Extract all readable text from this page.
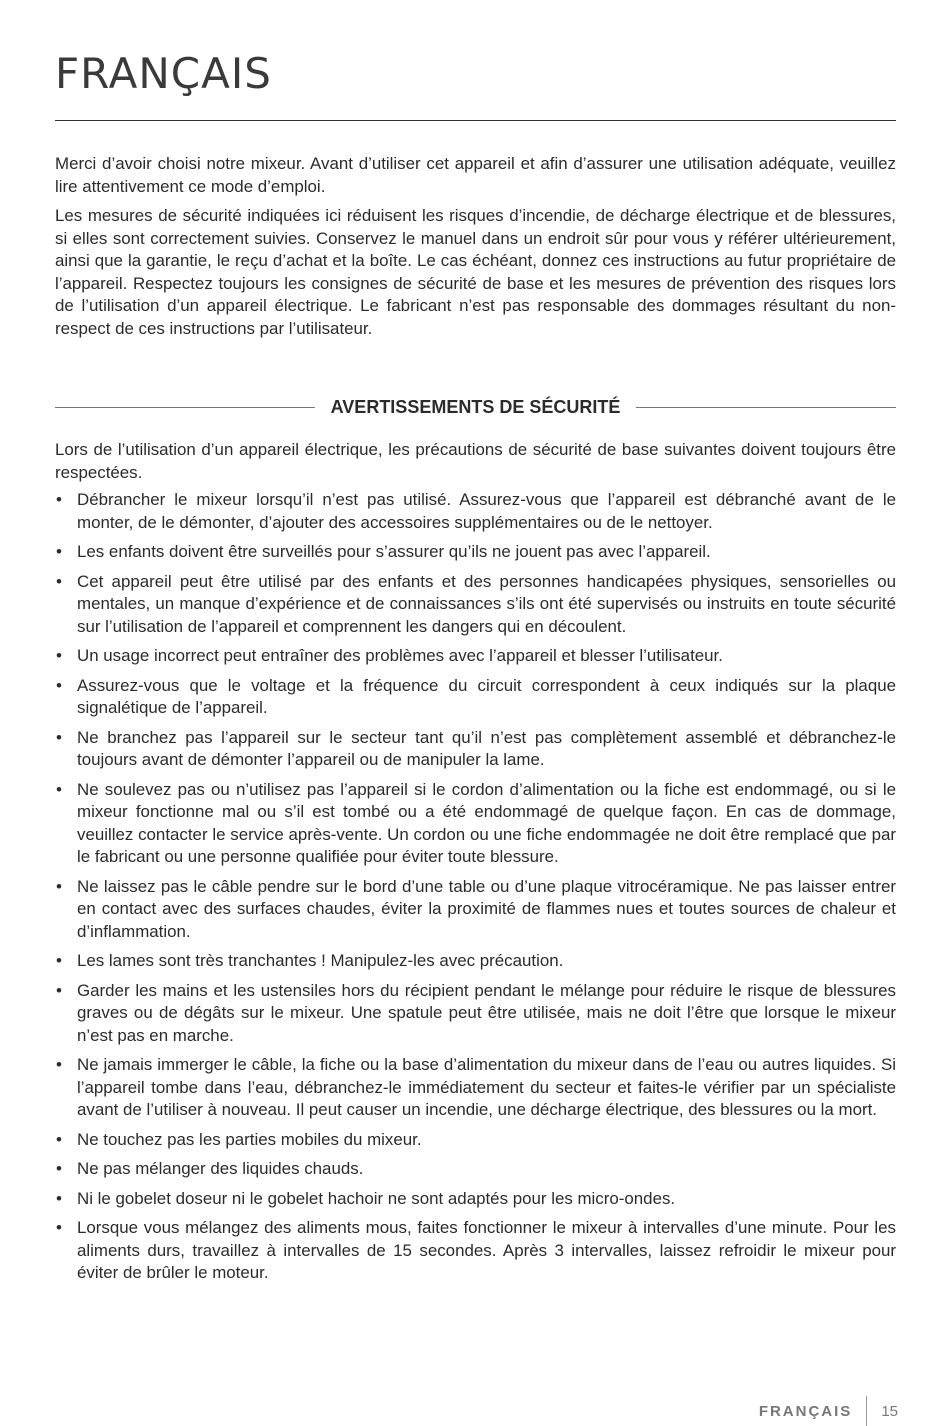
FRANÇAIS

Merci d’avoir choisi notre mixeur. Avant d’utiliser cet appareil et afin d’assurer une utilisation adéquate, veuillez lire attentivement ce mode d’emploi.

Les mesures de sécurité indiquées ici réduisent les risques d’incendie, de décharge électrique et de blessures, si elles sont correctement suivies. Conservez le manuel dans un endroit sûr pour vous y référer ultérieurement, ainsi que la garantie, le reçu d’achat et la boîte. Le cas échéant, donnez ces instructions au futur propriétaire de l’appareil. Respectez toujours les consignes de sécurité de base et les mesures de prévention des risques lors de l’utilisation d’un appareil électrique. Le fabricant n’est pas responsable des dommages résultant du non-respect de ces instructions par l’utilisateur.

AVERTISSEMENTS DE SÉCURITÉ

Lors de l’utilisation d’un appareil électrique, les précautions de sécurité de base suivantes doivent toujours être respectées.

• Débrancher le mixeur lorsqu’il n’est pas utilisé. Assurez-vous que l’appareil est débranché avant de le monter, de le démonter, d’ajouter des accessoires supplémentaires ou de le nettoyer.
• Les enfants doivent être surveillés pour s’assurer qu’ils ne jouent pas avec l’appareil.
• Cet appareil peut être utilisé par des enfants et des personnes handicapées physiques, sensorielles ou mentales, un manque d’expérience et de connaissances s’ils ont été supervisés ou instruits en toute sécurité sur l’utilisation de l’appareil et comprennent les dangers qui en découlent.
• Un usage incorrect peut entraîner des problèmes avec l’appareil et blesser l’utilisateur.
• Assurez-vous que le voltage et la fréquence du circuit correspondent à ceux indiqués sur la plaque signalétique de l’appareil.
• Ne branchez pas l’appareil sur le secteur tant qu’il n’est pas complètement assemblé et débranchez-le toujours avant de démonter l’appareil ou de manipuler la lame.
• Ne soulevez pas ou n’utilisez pas l’appareil si le cordon d’alimentation ou la fiche est endommagé, ou si le mixeur fonctionne mal ou s’il est tombé ou a été endommagé de quelque façon. En cas de dommage, veuillez contacter le service après-vente. Un cordon ou une fiche endommagée ne doit être remplacé que par le fabricant ou une personne qualifiée pour éviter toute blessure.
• Ne laissez pas le câble pendre sur le bord d’une table ou d’une plaque vitrocéramique. Ne pas laisser entrer en contact avec des surfaces chaudes, éviter la proximité de flammes nues et toutes sources de chaleur et d’inflammation.
• Les lames sont très tranchantes ! Manipulez-les avec précaution.
• Garder les mains et les ustensiles hors du récipient pendant le mélange pour réduire le risque de blessures graves ou de dégâts sur le mixeur. Une spatule peut être utilisée, mais ne doit l’être que lorsque le mixeur n’est pas en marche.
• Ne jamais immerger le câble, la fiche ou la base d’alimentation du mixeur dans de l’eau ou autres liquides. Si l’appareil tombe dans l’eau, débranchez-le immédiatement du secteur et faites-le vérifier par un spécialiste avant de l’utiliser à nouveau. Il peut causer un incendie, une décharge électrique, des blessures ou la mort.
• Ne touchez pas les parties mobiles du mixeur.
• Ne pas mélanger des liquides chauds.
• Ni le gobelet doseur ni le gobelet hachoir ne sont adaptés pour les micro-ondes.
• Lorsque vous mélangez des aliments mous, faites fonctionner le mixeur à intervalles d’une minute. Pour les aliments durs, travaillez à intervalles de 15 secondes. Après 3 intervalles, laissez refroidir le mixeur pour éviter de brûler le moteur.
FRANÇAIS 15
